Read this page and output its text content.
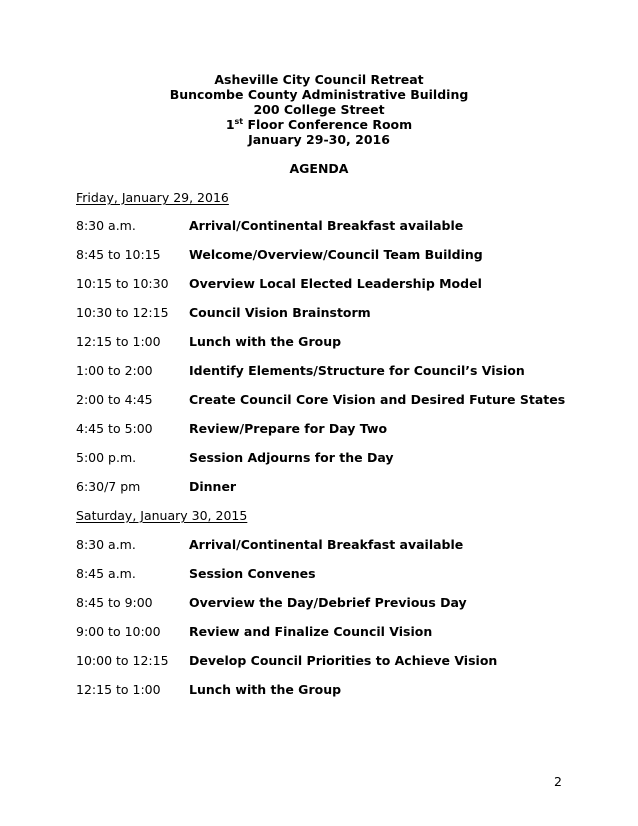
Asheville City Council Retreat
Buncombe County Administrative Building
200 College Street
1st Floor Conference Room
January 29-30, 2016
AGENDA
Friday, January 29, 2016
8:30 a.m.	Arrival/Continental Breakfast available
8:45 to 10:15 Welcome/Overview/Council Team Building
10:15 to 10:30 Overview Local Elected Leadership Model
10:30 to 12:15 Council Vision Brainstorm
12:15 to 1:00 Lunch with the Group
1:00 to 2:00	Identify Elements/Structure for Council’s Vision
2:00 to 4:45	Create Council Core Vision and Desired Future States
4:45 to 5:00	Review/Prepare for Day Two
5:00 p.m.	Session Adjourns for the Day
6:30/7 pm	Dinner
Saturday, January 30, 2015
8:30 a.m.	Arrival/Continental Breakfast available
8:45 a.m.	Session Convenes
8:45 to 9:00	Overview the Day/Debrief Previous Day
9:00 to 10:00 Review and Finalize Council Vision
10:00 to 12:15 Develop Council Priorities to Achieve Vision
12:15 to 1:00 Lunch with the Group
2
